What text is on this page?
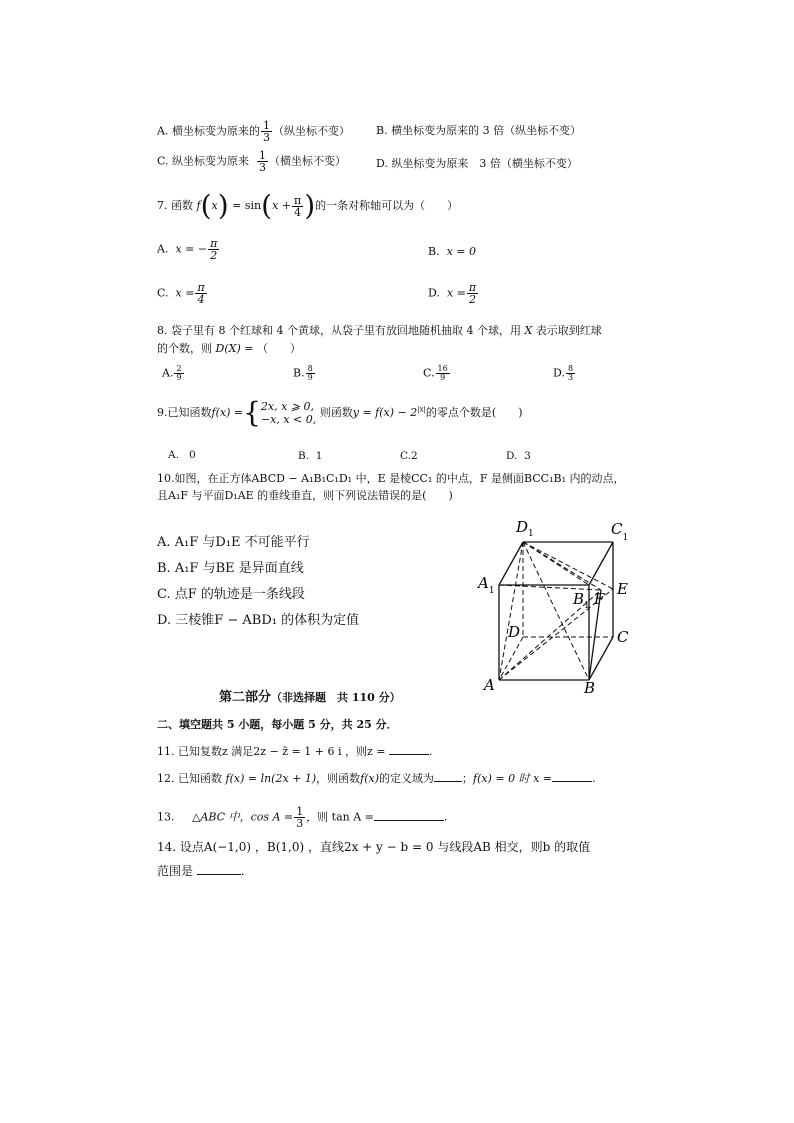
A. 横坐标变为原来的 $\frac{1}{3}$ （纵坐标不变） B. 横坐标变为原来的 3 倍（纵坐标不变）
C. 纵坐标变为原来 $\frac{1}{3}$ （横坐标不变）	D. 纵坐标变为原来　3 倍（横坐标不变）
7. 函数 $f(x) = \sin(x + \frac{\pi}{4}$ )的一条对称轴可以为（　　）
A. x = − $\frac{\pi}{2}$	B. x = 0
C. $x = \frac{\pi}{4}$	D. $x = \frac{\pi}{2}$
8. 袋子里有 8 个红球和 4 个黄球，从袋子里有放回地随机抽取 4 个球，用 X 表示取到红球
的个数，则 D(X) = （　　）
A. $\frac{2}{9}$	B. $\frac{8}{9}$	C. $\frac{16}{9}$	D. $\frac{8}{3}$
9.已知函数f(x) ={ 2x, x ⩾ 0,
−x, x < 0,
则函数$y = f(x) - 2^{|x|}$的零点个数是(　　)
A. 0	B. 1	C.2	D. 3
10.如图，在正方体ABCD − A₁B₁C₁D₁ 中，E 是棱CC₁ 的中点，F 是侧面BCC₁B₁ 内的动点，
且A₁F 与平面D₁AE 的垂线垂直，则下列说法错误的是(　　)
A. A₁F 与D₁E 不可能平行
B. A₁F 与BE 是异面直线
C. 点F 的轨迹是一条线段
D. 三棱锥F − ABD₁ 的体积为定值
$D_1$	$C_1$
$A_1$	$B_1$ F
E
D	C
A	B
第二部分（非选择题　共 110 分）
二、填空题共 5 小题，每小题 5 分，共 25 分．
11. 已知复数z 满足2z − z̄ = 1 + 6 i ，则z =	.
12. 已知函数 f(x) = ln(2x + 1)，则函数f(x)的定义域为	；f(x) = 0 时 x =	.
13. △ABC 中，$\cos A = \frac{1}{3}$ ，则 tan A =	.
14. 设点A(−1,0) ，B(1,0) ，直线2x + y − b = 0 与线段AB 相交，则b 的取值
范围是	.
